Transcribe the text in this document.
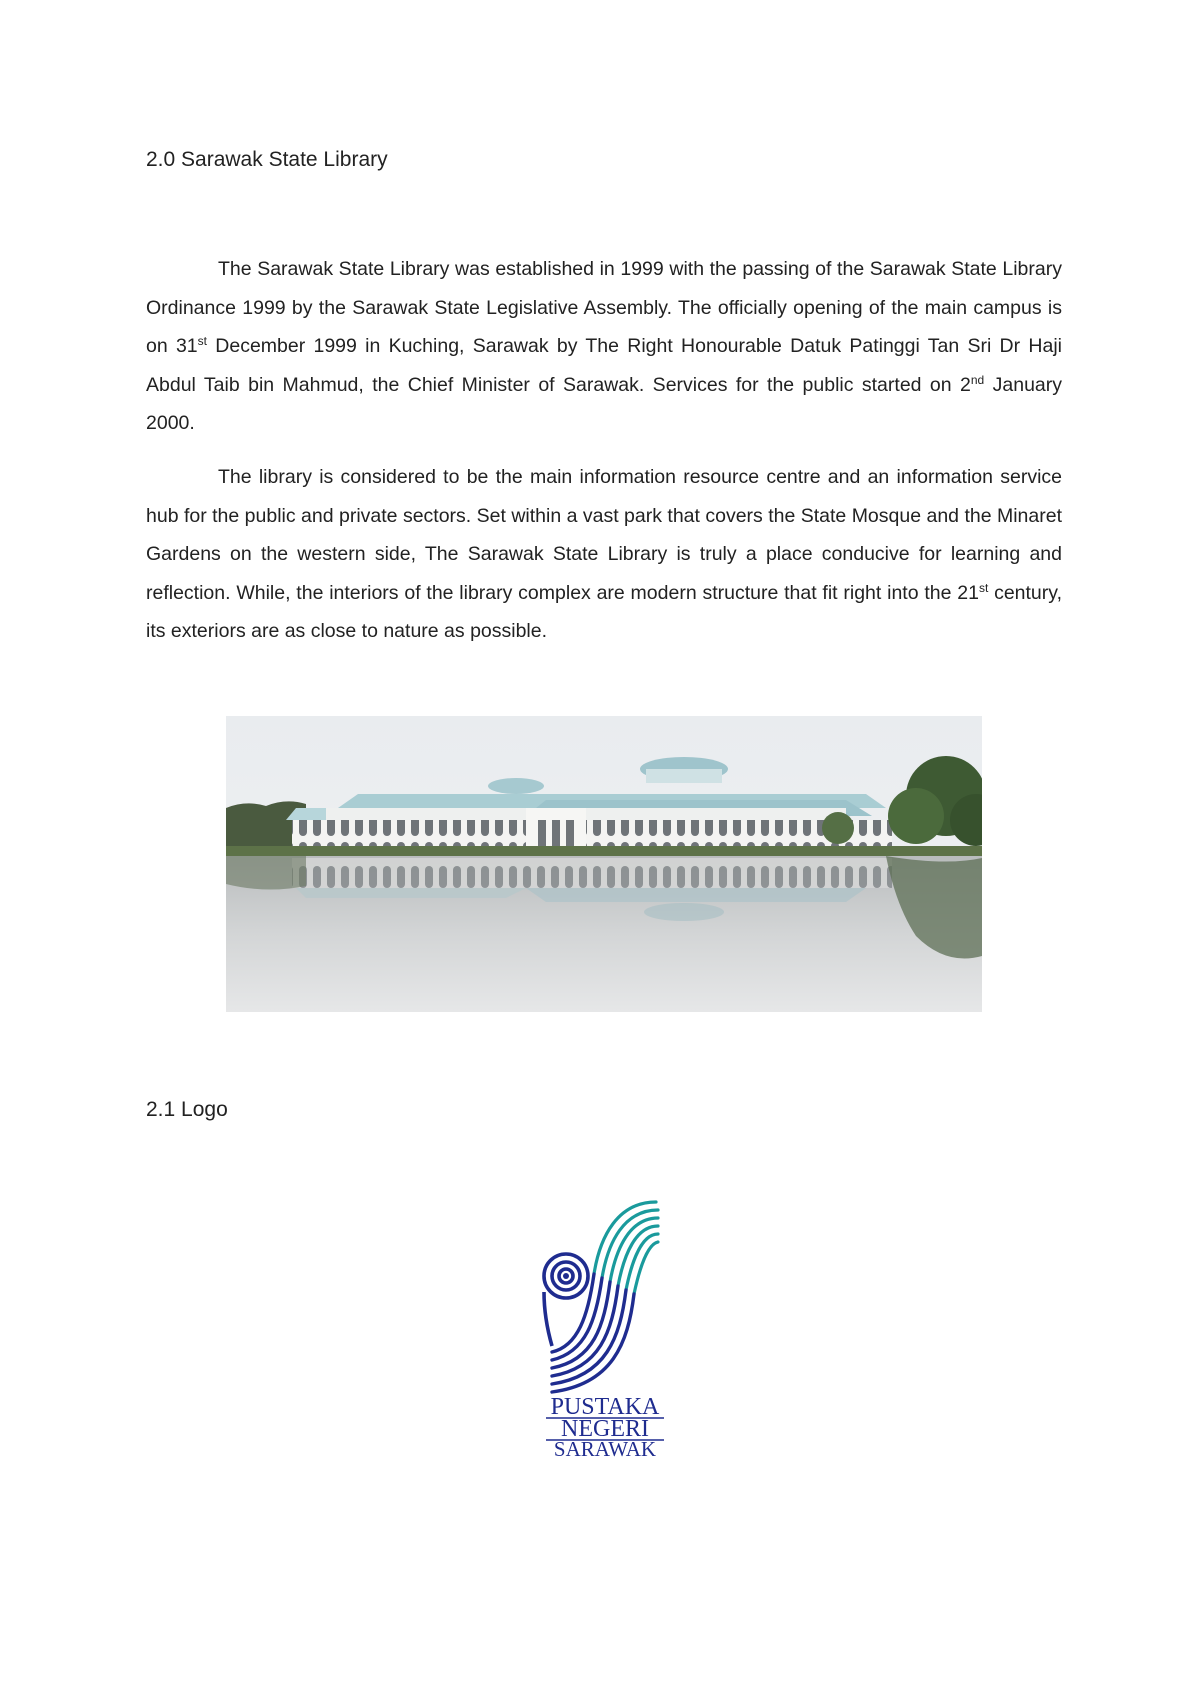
2.0 Sarawak State Library

The Sarawak State Library was established in 1999 with the passing of the Sarawak State Library Ordinance 1999 by the Sarawak State Legislative Assembly. The officially opening of the main campus is on 31st December 1999 in Kuching, Sarawak by The Right Honourable Datuk Patinggi Tan Sri Dr Haji Abdul Taib bin Mahmud, the Chief Minister of Sarawak. Services for the public started on 2nd January 2000.

The library is considered to be the main information resource centre and an information service hub for the public and private sectors. Set within a vast park that covers the State Mosque and the Minaret Gardens on the western side, The Sarawak State Library is truly a place conducive for learning and reflection. While, the interiors of the library complex are modern structure that fit right into the 21st century, its exteriors are as close to nature as possible.

2.1 Logo
PUSTAKA
NEGERI
SARAWAK
